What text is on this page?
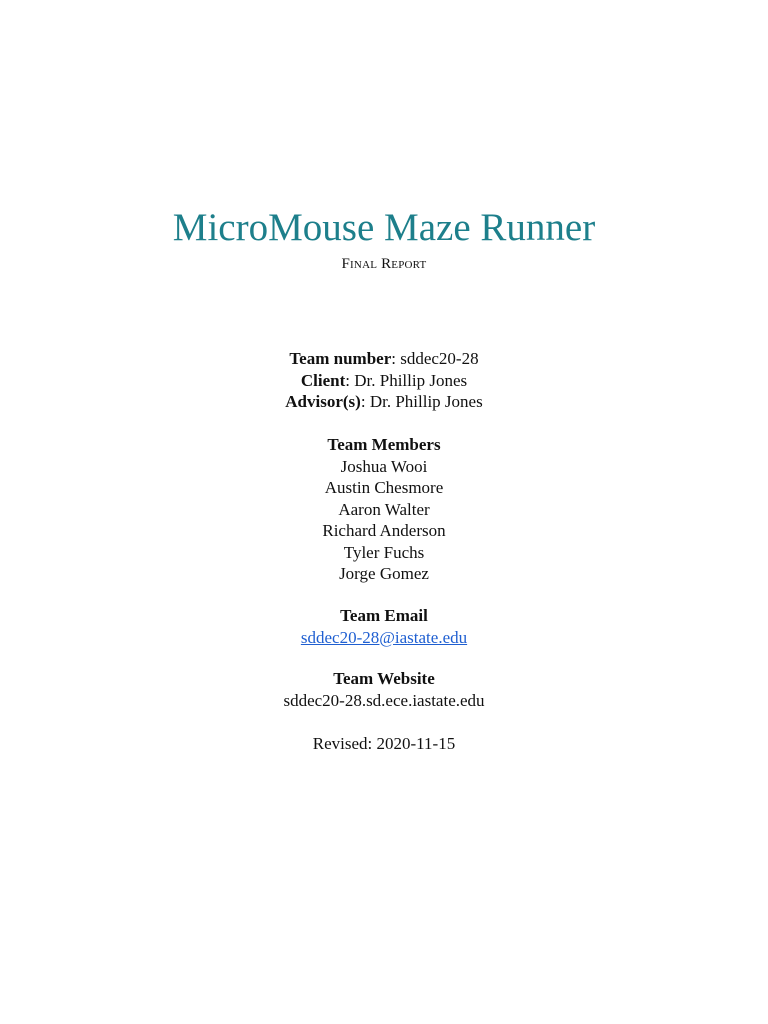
MicroMouse Maze Runner
Final Report
Team number: sddec20-28
Client: Dr. Phillip Jones
Advisor(s): Dr. Phillip Jones
Team Members
Joshua Wooi
Austin Chesmore
Aaron Walter
Richard Anderson
Tyler Fuchs
Jorge Gomez
Team Email
sddec20-28@iastate.edu
Team Website
sddec20-28.sd.ece.iastate.edu
Revised: 2020-11-15
